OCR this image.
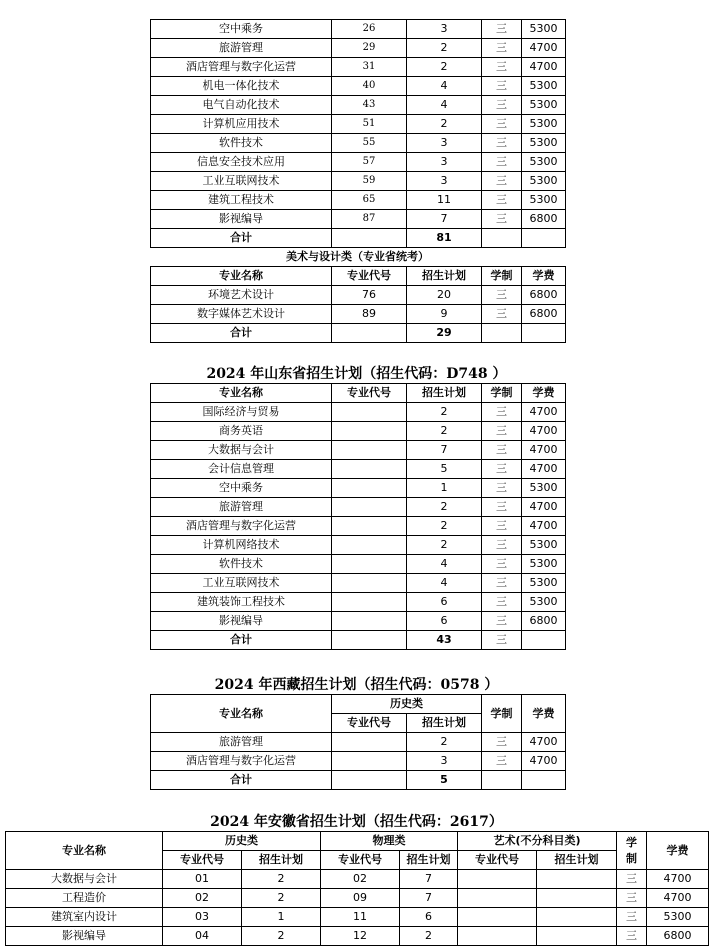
空中乘务	26	3	三	5300
旅游管理	29	2	三	4700
酒店管理与数字化运营	31	2	三	4700
机电一体化技术	40	4	三	5300
电气自动化技术	43	4	三	5300
计算机应用技术	51	2	三	5300
软件技术	55	3	三	5300
信息安全技术应用	57	3	三	5300
工业互联网技术	59	3	三	5300
建筑工程技术	65	11	三	5300
影视编导	87	7	三	6800
合计		81		
美术与设计类（专业省统考）
专业名称	专业代号	招生计划	学制	学费
环境艺术设计	76	20	三	6800
数字媒体艺术设计	89	9	三	6800
合计		29		
2024 年山东省招生计划（招生代码：D748 ）
专业名称	专业代号	招生计划	学制	学费
国际经济与贸易		2	三	4700
商务英语		2	三	4700
大数据与会计		7	三	4700
会计信息管理		5	三	4700
空中乘务		1	三	5300
旅游管理		2	三	4700
酒店管理与数字化运营		2	三	4700
计算机网络技术		2	三	5300
软件技术		4	三	5300
工业互联网技术		4	三	5300
建筑装饰工程技术		6	三	5300
影视编导		6	三	6800
合计		43	三	
2024 年西藏招生计划（招生代码：0578 ）
专业名称	历史类		学制	学费
	专业代号	招生计划		
旅游管理		2	三	4700
酒店管理与数字化运营		3	三	4700
合计		5		
2024 年安徽省招生计划（招生代码：2617）
专业名称	历史类		物理类		艺术(不分科目类)		学
制	学费
	专业代号	招生计划	专业代号	招生计划	专业代号	招生计划		
大数据与会计	01	2	02	7			三	4700
工程造价	02	2	09	7			三	4700
建筑室内设计	03	1	11	6			三	5300
影视编导	04	2	12	2			三	6800
